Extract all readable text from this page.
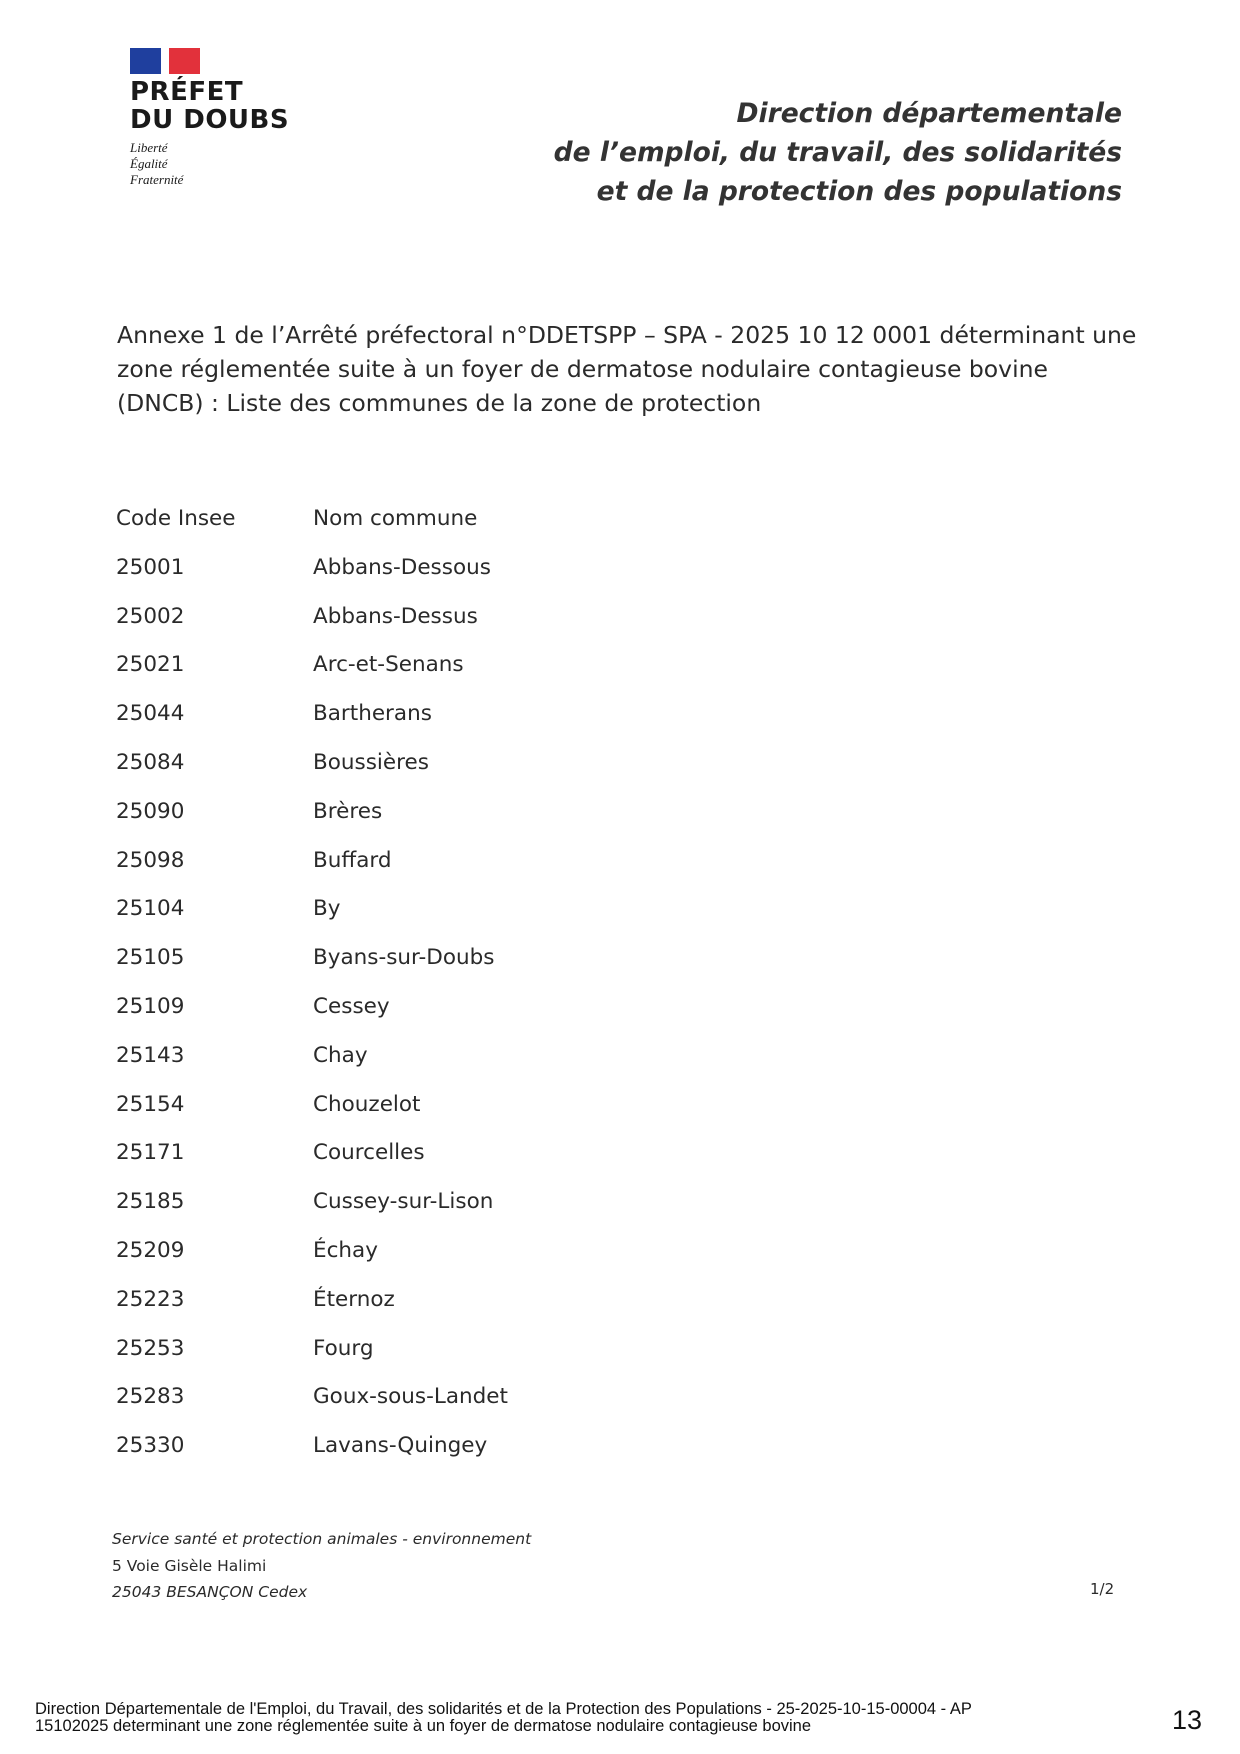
PRÉFET
DU DOUBS
Liberté
Égalité
Fraternité
Direction départementale
de l’emploi, du travail, des solidarités
et de la protection des populations
Annexe 1 de l’Arrêté préfectoral n°DDETSPP – SPA - 2025 10 12 0001 déterminant une
zone réglementée suite à un foyer de dermatose nodulaire contagieuse bovine
(DNCB) : Liste des communes de la zone de protection
Code Insee	Nom commune
25001	Abbans-Dessous
25002	Abbans-Dessus
25021	Arc-et-Senans
25044	Bartherans
25084	Boussières
25090	Brères
25098	Buffard
25104	By
25105	Byans-sur-Doubs
25109	Cessey
25143	Chay
25154	Chouzelot
25171	Courcelles
25185	Cussey-sur-Lison
25209	Échay
25223	Éternoz
25253	Fourg
25283	Goux-sous-Landet
25330	Lavans-Quingey
Service santé et protection animales - environnement
5 Voie Gisèle Halimi
25043 BESANÇON Cedex	1/2
Direction Départementale de l'Emploi, du Travail, des solidarités et de la Protection des Populations - 25-2025-10-15-00004 - AP
15102025 determinant une zone réglementée suite à un foyer de dermatose nodulaire contagieuse bovine	13
